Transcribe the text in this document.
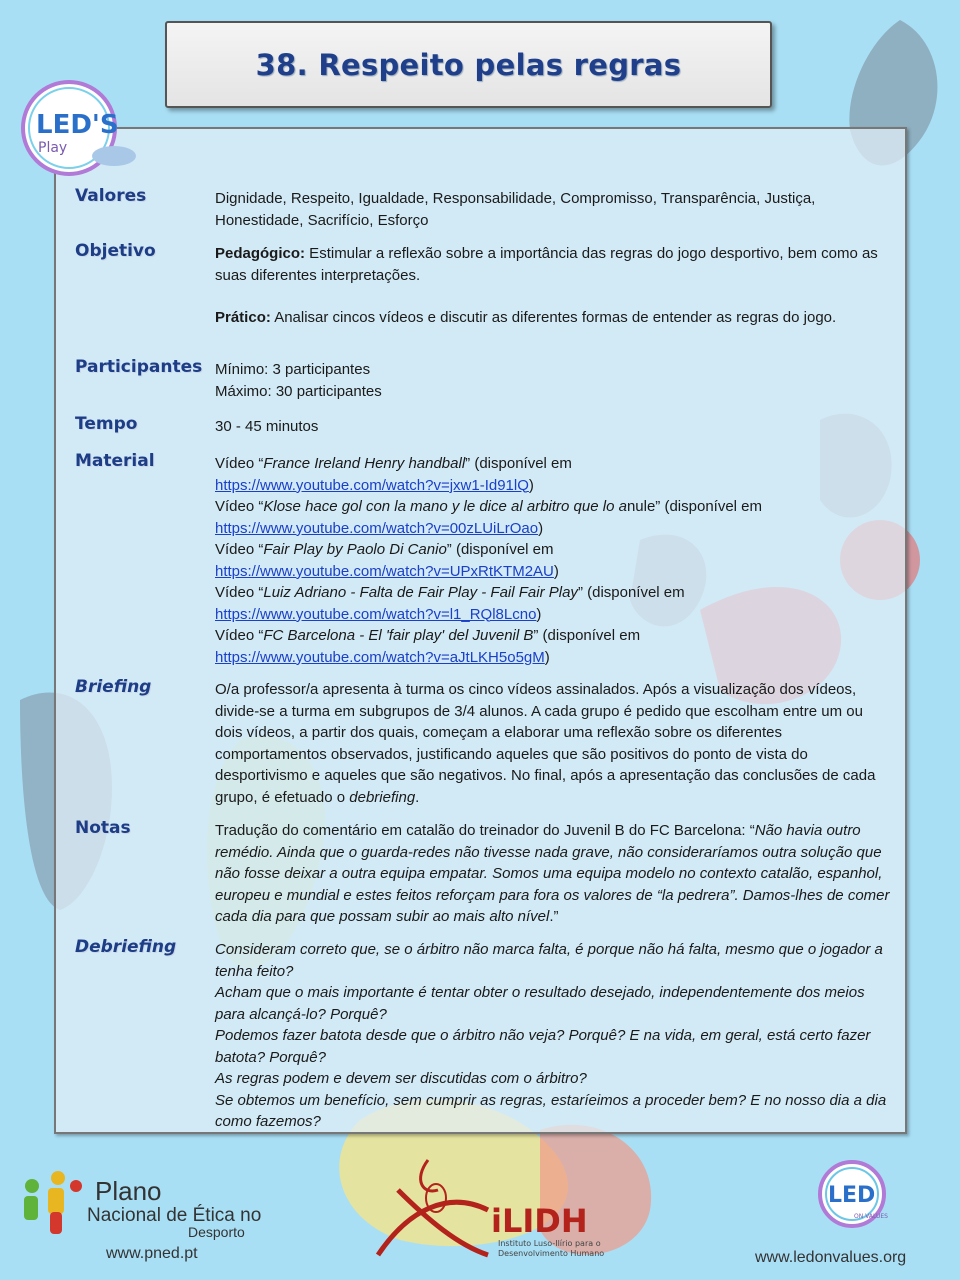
38. Respeito pelas regras
LED'S
Play
Valores	Dignidade, Respeito, Igualdade, Responsabilidade, Compromisso, Transparência, Justiça, Honestidade, Sacrifício, Esforço

Objetivo	Pedagógico: Estimular a reflexão sobre a importância das regras do jogo desportivo, bem como as suas diferentes interpretações.

Prático: Analisar cincos vídeos e discutir as diferentes formas de entender as regras do jogo.

Participantes Mínimo: 3 participantes

Máximo: 30 participantes

Tempo	30 - 45 minutos

Material	Vídeo “France Ireland Henry handball” (disponível em

https://www.youtube.com/watch?v=jxw1-Id91lQ)

Vídeo “Klose hace gol con la mano y le dice al arbitro que lo anule” (disponível em

https://www.youtube.com/watch?v=00zLUiLrOao)

Vídeo “Fair Play by Paolo Di Canio” (disponível em

https://www.youtube.com/watch?v=UPxRtKTM2AU)

Vídeo “Luiz Adriano - Falta de Fair Play - Fail Fair Play” (disponível em

https://www.youtube.com/watch?v=l1_RQl8Lcno)

Vídeo “FC Barcelona - El 'fair play' del Juvenil B” (disponível em

https://www.youtube.com/watch?v=aJtLKH5o5gM)

Briefing	O/a professor/a apresenta à turma os cinco vídeos assinalados. Após a visualização dos vídeos, divide-se a turma em subgrupos de 3/4 alunos. A cada grupo é pedido que escolham entre um ou dois vídeos, a partir dos quais, começam a elaborar uma reflexão sobre os diferentes comportamentos observados, justificando aqueles que são positivos do ponto de vista do desportivismo e aqueles que são negativos. No final, após a apresentação das conclusões de cada grupo, é efetuado o debriefing.

Notas	Tradução do comentário em catalão do treinador do Juvenil B do FC Barcelona: “Não havia outro remédio. Ainda que o guarda-redes não tivesse nada grave, não consideraríamos outra solução que não fosse deixar a outra equipa empatar. Somos uma equipa modelo no contexto catalão, espanhol, europeu e mundial e estes feitos reforçam para fora os valores de “la pedrera”. Damos-lhes de comer cada dia para que possam subir ao mais alto nível.”

Debriefing	Consideram correto que, se o árbitro não marca falta, é porque não há falta, mesmo que o jogador a tenha feito?

Acham que o mais importante é tentar obter o resultado desejado, independentemente dos meios para alcançá-lo? Porquê?

Podemos fazer batota desde que o árbitro não veja? Porquê? E na vida, em geral, está certo fazer batota? Porquê?

As regras podem e devem ser discutidas com o árbitro?

Se obtemos um benefício, sem cumprir as regras, estaríeimos a proceder bem? E no nosso dia a dia como fazemos?

Plano
Nacional de Ética no
Desporto
www.pned.pt
iLIDH
Instituto Luso-Ilírio para o
Desenvolvimento Humano
LED
ON VALUES
www.ledonvalues.org
